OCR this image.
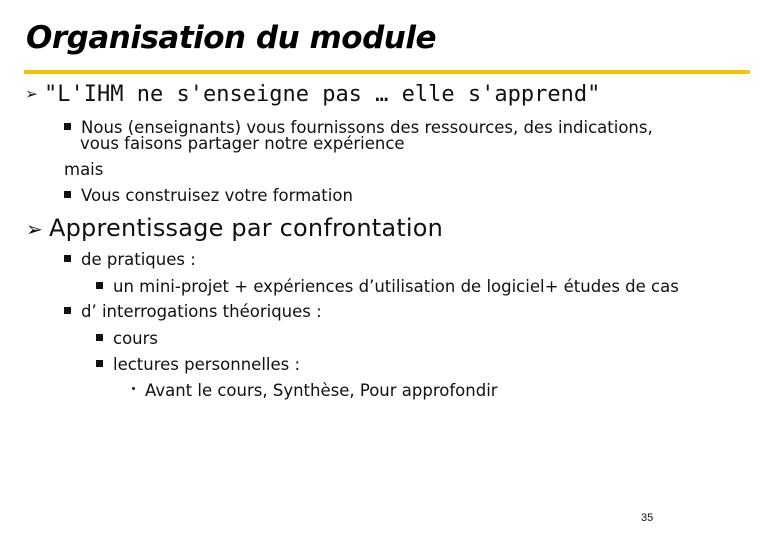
Organisation du module
➢ "L'IHM ne s'enseigne pas … elle s'apprend"
Nous (enseignants) vous fournissons des ressources, des indications,
vous faisons partager notre expérience
mais
Vous construisez votre formation
➢ Apprentissage par confrontation
de pratiques :
un mini-projet + expériences d’utilisation de logiciel+ études de cas
d’ interrogations théoriques :
cours
lectures personnelles :
Avant le cours, Synthèse, Pour approfondir
35
